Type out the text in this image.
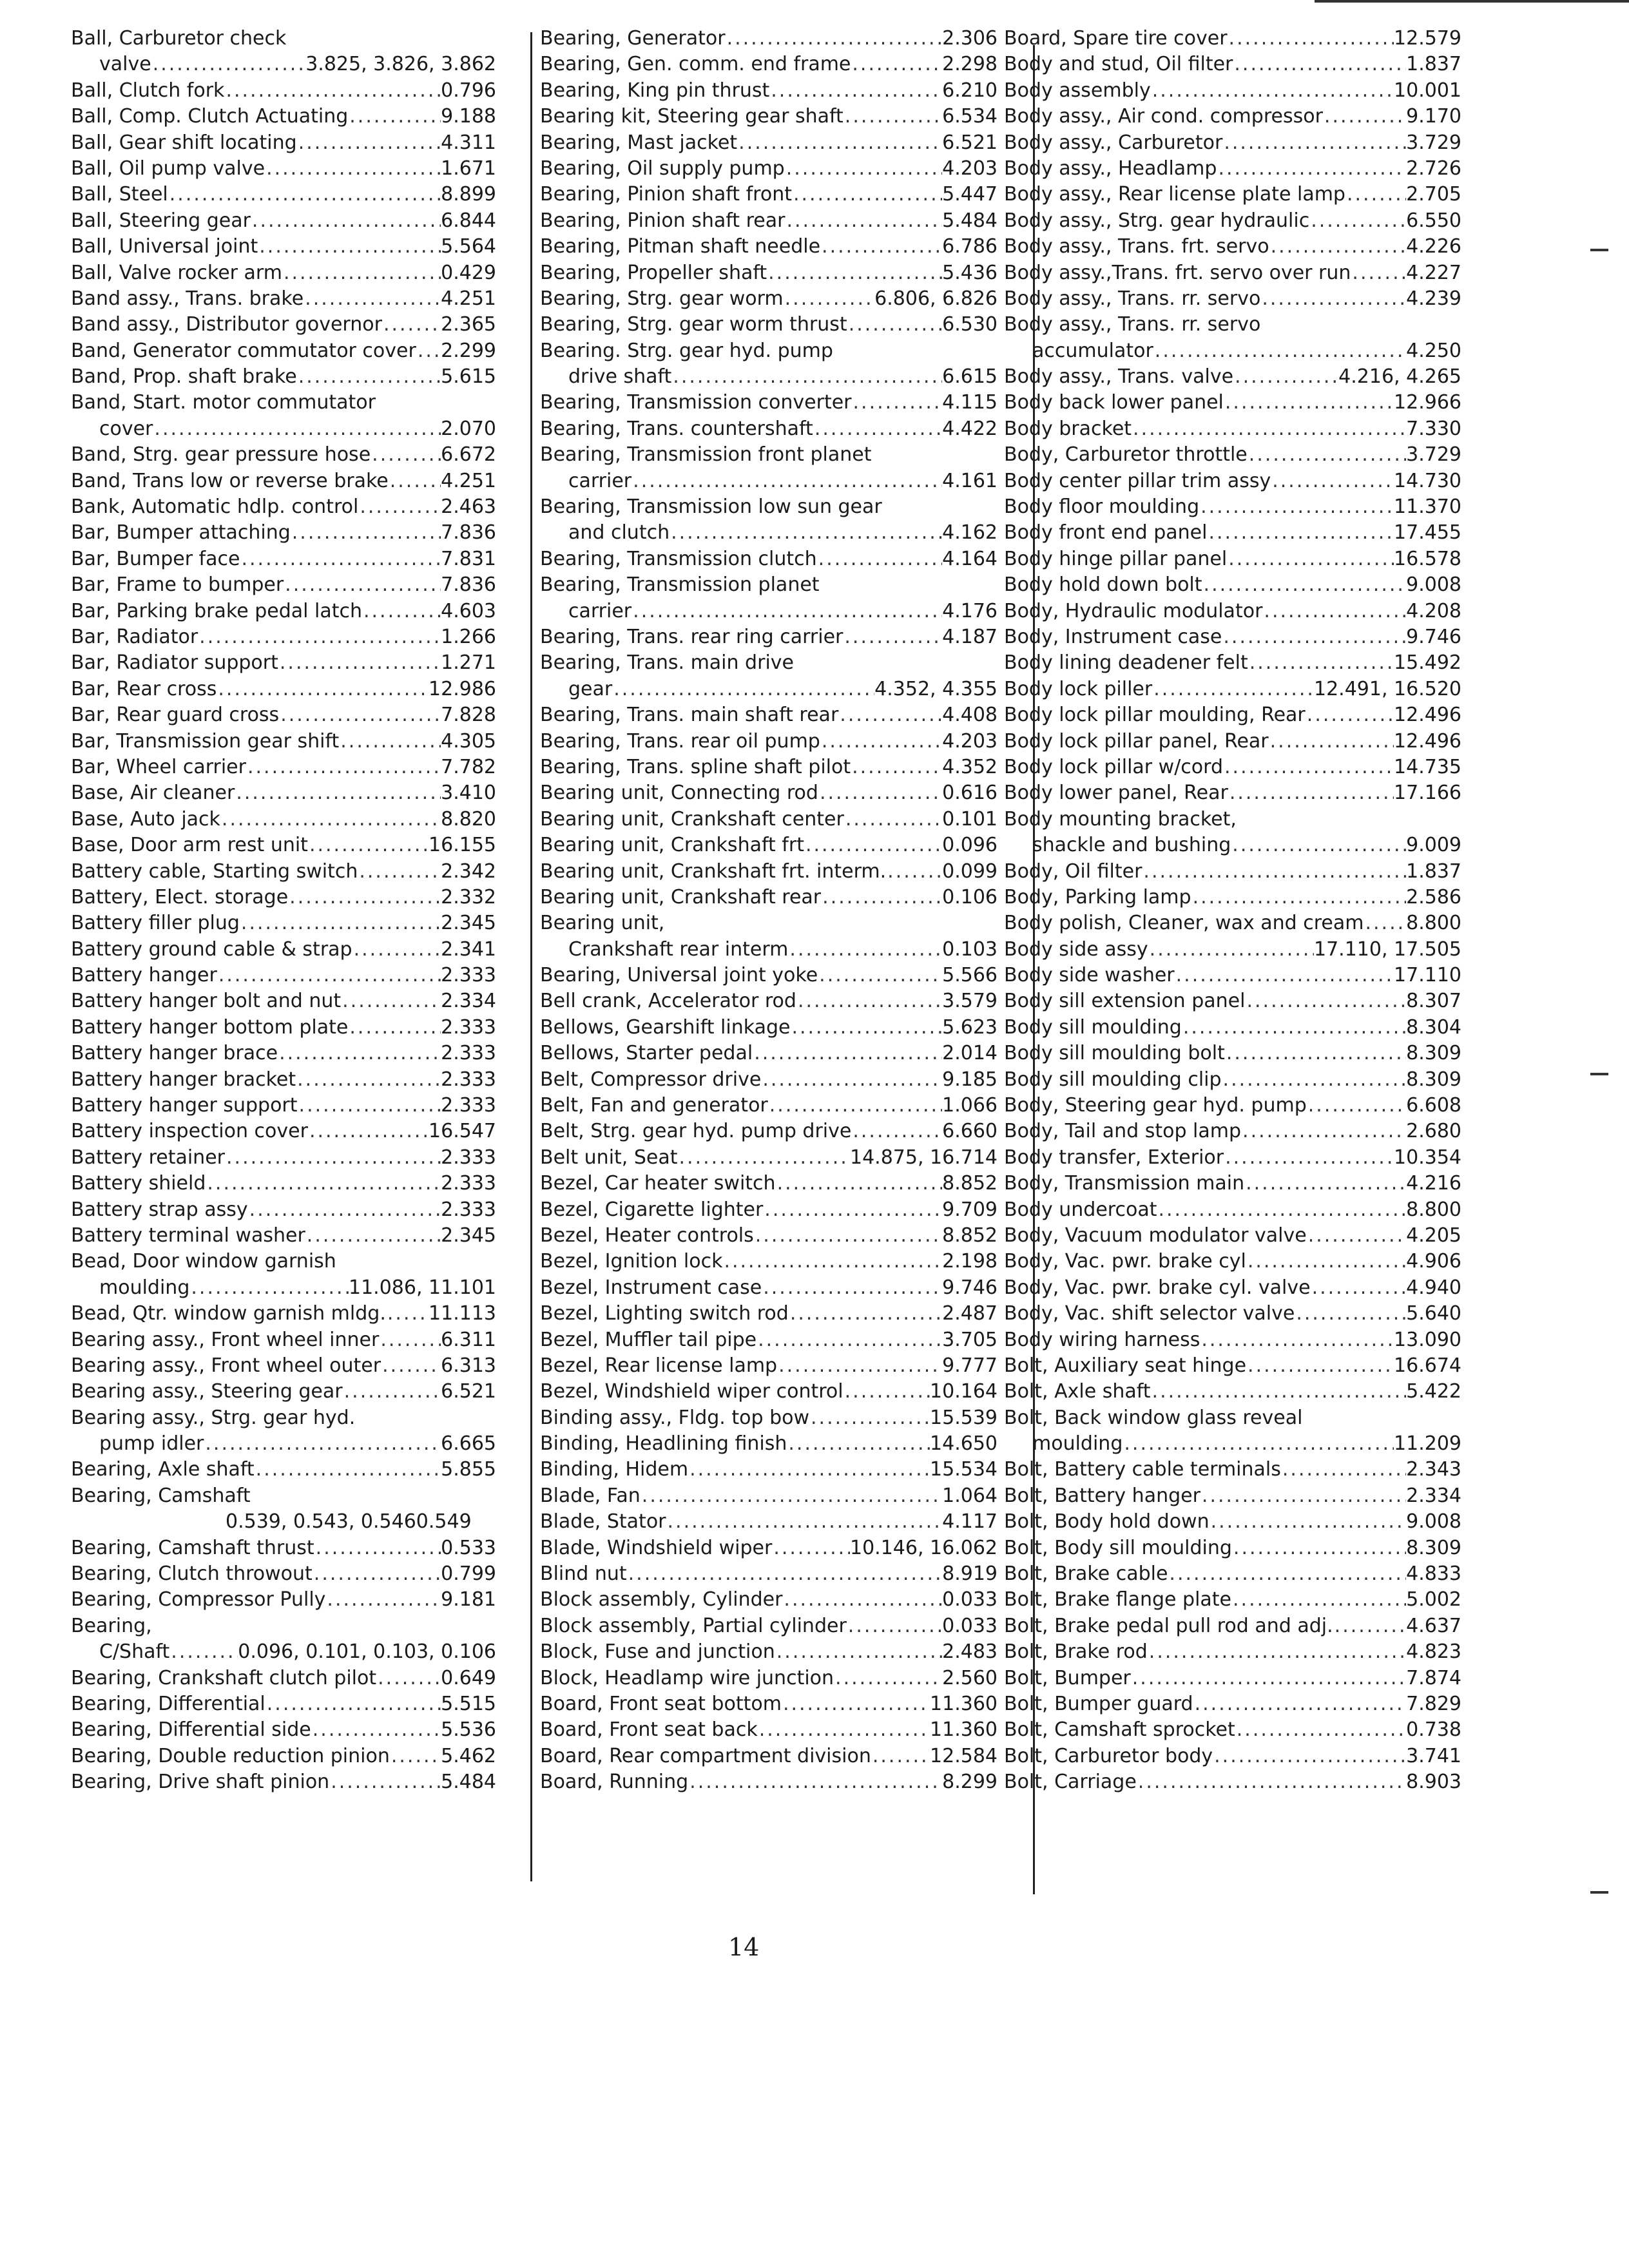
Ball, Carburetor check
valve .....	3.825, 3.826, 3.862
Ball, Clutch fork .....	0.796
Ball, Comp. Clutch Actuating .....	9.188
Ball, Gear shift locating .....	4.311
Ball, Oil pump valve .....	1.671
Ball, Steel .....	8.899
Ball, Steering gear .....	6.844
Ball, Universal joint .....	5.564
Ball, Valve rocker arm .....	0.429
Band assy., Trans. brake .....	4.251
Band assy., Distributor governor .....	2.365
Band, Generator commutator cover ..... 2.299
Band, Prop. shaft brake .....	5.615
Band, Start. motor commutator
cover .....	2.070
Band, Strg. gear pressure hose .....	6.672
Band, Trans low or reverse brake .....	4.251
Bank, Automatic hdlp. control .....	2.463
Bar, Bumper attaching .....	7.836
Bar, Bumper face .....	7.831
Bar, Frame to bumper .....	7.836
Bar, Parking brake pedal latch .....	4.603
Bar, Radiator .....	1.266
Bar, Radiator support .....	1.271
Bar, Rear cross .....	12.986
Bar, Rear guard cross .....	7.828
Bar, Transmission gear shift .....	4.305
Bar, Wheel carrier .....	7.782
Base, Air cleaner .....	3.410
Base, Auto jack .....	8.820
Base, Door arm rest unit .....	16.155
Battery cable, Starting switch .....	2.342
Battery, Elect. storage .....	2.332
Battery filler plug .....	2.345
Battery ground cable & strap .....	2.341
Battery hanger .....	2.333
Battery hanger bolt and nut .....	2.334
Battery hanger bottom plate .....	2.333
Battery hanger brace .....	2.333
Battery hanger bracket .....	2.333
Battery hanger support .....	2.333
Battery inspection cover .....	16.547
Battery retainer .....	2.333
Battery shield .....	2.333
Battery strap assy .....	2.333
Battery terminal washer .....	2.345
Bead, Door window garnish
moulding .....	11.086, 11.101
Bead, Qtr. window garnish mldg. ..... 11.113
Bearing assy., Front wheel inner .....	6.311
Bearing assy., Front wheel outer .....	6.313
Bearing assy., Steering gear .....	6.521
Bearing assy., Strg. gear hyd.
pump idler .....	6.665
Bearing, Axle shaft .....	5.855
Bearing, Camshaft
0.539, 0.543, 0.546 0.549
Bearing, Camshaft thrust .....	0.533
Bearing, Clutch throwout .....	0.799
Bearing, Compressor Pully .....	9.181
Bearing,
C/Shaft .....	0.096, 0.101, 0.103, 0.106
Bearing, Crankshaft clutch pilot .....	0.649
Bearing, Differential .....	5.515
Bearing, Differential side .....	5.536
Bearing, Double reduction pinion .....	5.462
Bearing, Drive shaft pinion .....	5.484
Bearing, Generator .....	2.306
Bearing, Gen. comm. end frame .....	2.298
Bearing, King pin thrust .....	6.210
Bearing kit, Steering gear shaft .....	6.534
Bearing, Mast jacket .....	6.521
Bearing, Oil supply pump .....	4.203
Bearing, Pinion shaft front .....	5.447
Bearing, Pinion shaft rear .....	5.484
Bearing, Pitman shaft needle .....	6.786
Bearing, Propeller shaft .....	5.436
Bearing, Strg. gear worm .....	6.806, 6.826
Bearing, Strg. gear worm thrust .....	6.530
Bearing. Strg. gear hyd. pump
drive shaft .....	6.615
Bearing, Transmission converter .....	4.115
Bearing, Trans. countershaft .....	4.422
Bearing, Transmission front planet
carrier .....	4.161
Bearing, Transmission low sun gear
and clutch .....	4.162
Bearing, Transmission clutch .....	4.164
Bearing, Transmission planet
carrier .....	4.176
Bearing, Trans. rear ring carrier .....	4.187
Bearing, Trans. main drive
gear .....	4.352, 4.355
Bearing, Trans. main shaft rear .....	4.408
Bearing, Trans. rear oil pump .....	4.203
Bearing, Trans. spline shaft pilot .....	4.352
Bearing unit, Connecting rod .....	0.616
Bearing unit, Crankshaft center .....	0.101
Bearing unit, Crankshaft frt .....	0.096
Bearing unit, Crankshaft frt. interm. .....	0.099
Bearing unit, Crankshaft rear .....	0.106
Bearing unit,
Crankshaft rear interm .....	0.103
Bearing, Universal joint yoke .....	5.566
Bell crank, Accelerator rod .....	3.579
Bellows, Gearshift linkage .....	5.623
Bellows, Starter pedal .....	2.014
Belt, Compressor drive .....	9.185
Belt, Fan and generator .....	1.066
Belt, Strg. gear hyd. pump drive .....	6.660
Belt unit, Seat .....	14.875, 16.714
Bezel, Car heater switch .....	8.852
Bezel, Cigarette lighter .....	9.709
Bezel, Heater controls .....	8.852
Bezel, Ignition lock .....	2.198
Bezel, Instrument case .....	9.746
Bezel, Lighting switch rod .....	2.487
Bezel, Muffler tail pipe .....	3.705
Bezel, Rear license lamp .....	9.777
Bezel, Windshield wiper control .....	10.164
Binding assy., Fldg. top bow .....	15.539
Binding, Headlining finish .....	14.650
Binding, Hidem .....	15.534
Blade, Fan .....	1.064
Blade, Stator .....	4.117
Blade, Windshield wiper .....	10.146, 16.062
Blind nut .....	8.919
Block assembly, Cylinder .....	0.033
Block assembly, Partial cylinder .....	0.033
Block, Fuse and junction .....	2.483
Block, Headlamp wire junction .....	2.560
Board, Front seat bottom .....	11.360
Board, Front seat back .....	11.360
Board, Rear compartment division .....	12.584
Board, Running .....	8.299
Board, Spare tire cover .....	12.579
Body and stud, Oil filter .....	1.837
Body assembly .....	10.001
Body assy., Air cond. compressor .....	9.170
Body assy., Carburetor .....	3.729
Body assy., Headlamp .....	2.726
Body assy., Rear license plate lamp .....	2.705
Body assy., Strg. gear hydraulic .....	6.550
Body assy., Trans. frt. servo .....	4.226
Body assy.,Trans. frt. servo over run .....	4.227
Body assy., Trans. rr. servo .....	4.239
Body assy., Trans. rr. servo
accumulator .....	4.250
Body assy., Trans. valve .....	4.216, 4.265
Body back lower panel .....	12.966
Body bracket .....	7.330
Body, Carburetor throttle .....	3.729
Body center pillar trim assy .....	14.730
Body floor moulding .....	11.370
Body front end panel .....	17.455
Body hinge pillar panel .....	16.578
Body hold down bolt .....	9.008
Body, Hydraulic modulator .....	4.208
Body, Instrument case .....	9.746
Body lining deadener felt .....	15.492
Body lock piller .....	12.491, 16.520
Body lock pillar moulding, Rear .....	12.496
Body lock pillar panel, Rear .....	12.496
Body lock pillar w/cord .....	14.735
Body lower panel, Rear .....	17.166
Body mounting bracket,
shackle and bushing .....	9.009
Body, Oil filter .....	1.837
Body, Parking lamp .....	2.586
Body polish, Cleaner, wax and cream ..... 8.800
Body side assy .....	17.110, 17.505
Body side washer .....	17.110
Body sill extension panel .....	8.307
Body sill moulding .....	8.304
Body sill moulding bolt .....	8.309
Body sill moulding clip .....	8.309
Body, Steering gear hyd. pump .....	6.608
Body, Tail and stop lamp .....	2.680
Body transfer, Exterior .....	10.354
Body, Transmission main .....	4.216
Body undercoat .....	8.800
Body, Vacuum modulator valve .....	4.205
Body, Vac. pwr. brake cyl .....	4.906
Body, Vac. pwr. brake cyl. valve .....	4.940
Body, Vac. shift selector valve .....	5.640
Body wiring harness .....	13.090
Bolt, Auxiliary seat hinge .....	16.674
Bolt, Axle shaft .....	5.422
Bolt, Back window glass reveal
moulding .....	11.209
Bolt, Battery cable terminals .....	2.343
Bolt, Battery hanger .....	2.334
Bolt, Body hold down .....	9.008
Bolt, Body sill moulding .....	8.309
Bolt, Brake cable .....	4.833
Bolt, Brake flange plate .....	5.002
Bolt, Brake pedal pull rod and adj. .....	4.637
Bolt, Brake rod .....	4.823
Bolt, Bumper .....	7.874
Bolt, Bumper guard .....	7.829
Bolt, Camshaft sprocket .....	0.738
Bolt, Carburetor body .....	3.741
Bolt, Carriage .....	8.903
14
